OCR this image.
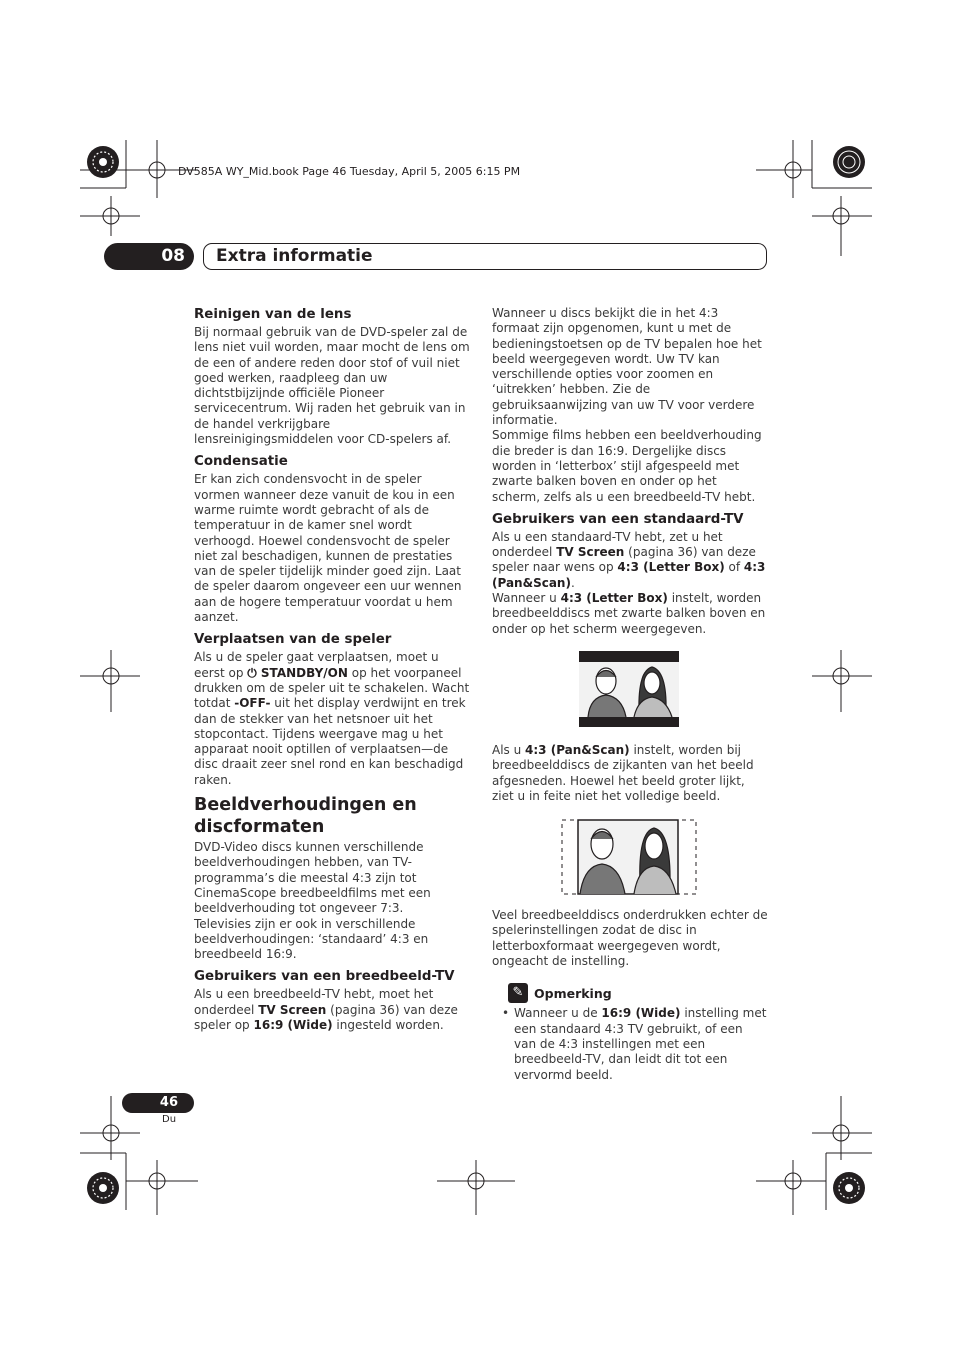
DV585A WY_Mid.book Page 46 Tuesday, April 5, 2005 6:15 PM
08	Extra informatie
Reinigen van de lens

Bij normaal gebruik van de DVD-speler zal de lens niet vuil worden, maar mocht de lens om de een of andere reden door stof of vuil niet goed werken, raadpleeg dan uw dichtstbijzijnde officiële Pioneer servicecentrum. Wij raden het gebruik van in de handel verkrijgbare lensreinigingsmiddelen voor CD-spelers af.

Condensatie

Er kan zich condensvocht in de speler vormen wanneer deze vanuit de kou in een warme ruimte wordt gebracht of als de temperatuur in de kamer snel wordt verhoogd. Hoewel condensvocht de speler niet zal beschadigen, kunnen de prestaties van de speler tijdelijk minder goed zijn. Laat de speler daarom ongeveer een uur wennen aan de hogere temperatuur voordat u hem aanzet.

Verplaatsen van de speler

Als u de speler gaat verplaatsen, moet u eerst op ⏻ STANDBY/ON op het voorpaneel drukken om de speler uit te schakelen. Wacht totdat -OFF- uit het display verdwijnt en trek dan de stekker van het netsnoer uit het stopcontact. Tijdens weergave mag u het apparaat nooit optillen of verplaatsen—de disc draait zeer snel rond en kan beschadigd raken.

Beeldverhoudingen en discformaten

DVD-Video discs kunnen verschillende beeldverhoudingen hebben, van TV-programma’s die meestal 4:3 zijn tot CinemaScope breedbeeldfilms met een beeldverhouding tot ongeveer 7:3.

Televisies zijn er ook in verschillende beeldverhoudingen: ‘standaard’ 4:3 en breedbeeld 16:9.

Gebruikers van een breedbeeld-TV

Als u een breedbeeld-TV hebt, moet het onderdeel TV Screen (pagina 36) van deze speler op 16:9 (Wide) ingesteld worden.

Wanneer u discs bekijkt die in het 4:3 formaat zijn opgenomen, kunt u met de bedieningstoetsen op de TV bepalen hoe het beeld weergegeven wordt. Uw TV kan verschillende opties voor zoomen en ‘uitrekken’ hebben. Zie de gebruiksaanwijzing van uw TV voor verdere informatie.

Sommige films hebben een beeldverhouding die breder is dan 16:9. Dergelijke discs worden in ‘letterbox’ stijl afgespeeld met zwarte balken boven en onder op het scherm, zelfs als u een breedbeeld-TV hebt.

Gebruikers van een standaard-TV

Als u een standaard-TV hebt, zet u het onderdeel TV Screen (pagina 36) van deze speler naar wens op 4:3 (Letter Box) of 4:3 (Pan&Scan).

Wanneer u 4:3 (Letter Box) instelt, worden breedbeelddiscs met zwarte balken boven en onder op het scherm weergegeven.

Als u 4:3 (Pan&Scan) instelt, worden bij breedbeelddiscs de zijkanten van het beeld afgesneden. Hoewel het beeld groter lijkt, ziet u in feite niet het volledige beeld.

Veel breedbeelddiscs onderdrukken echter de spelerinstellingen zodat de disc in letterboxformaat weergegeven wordt, ongeacht de instelling.

✎ Opmerking
• Wanneer u de 16:9 (Wide) instelling met een standaard 4:3 TV gebruikt, of een van de 4:3 instellingen met een breedbeeld-TV, dan leidt dit tot een vervormd beeld.
46
Du
